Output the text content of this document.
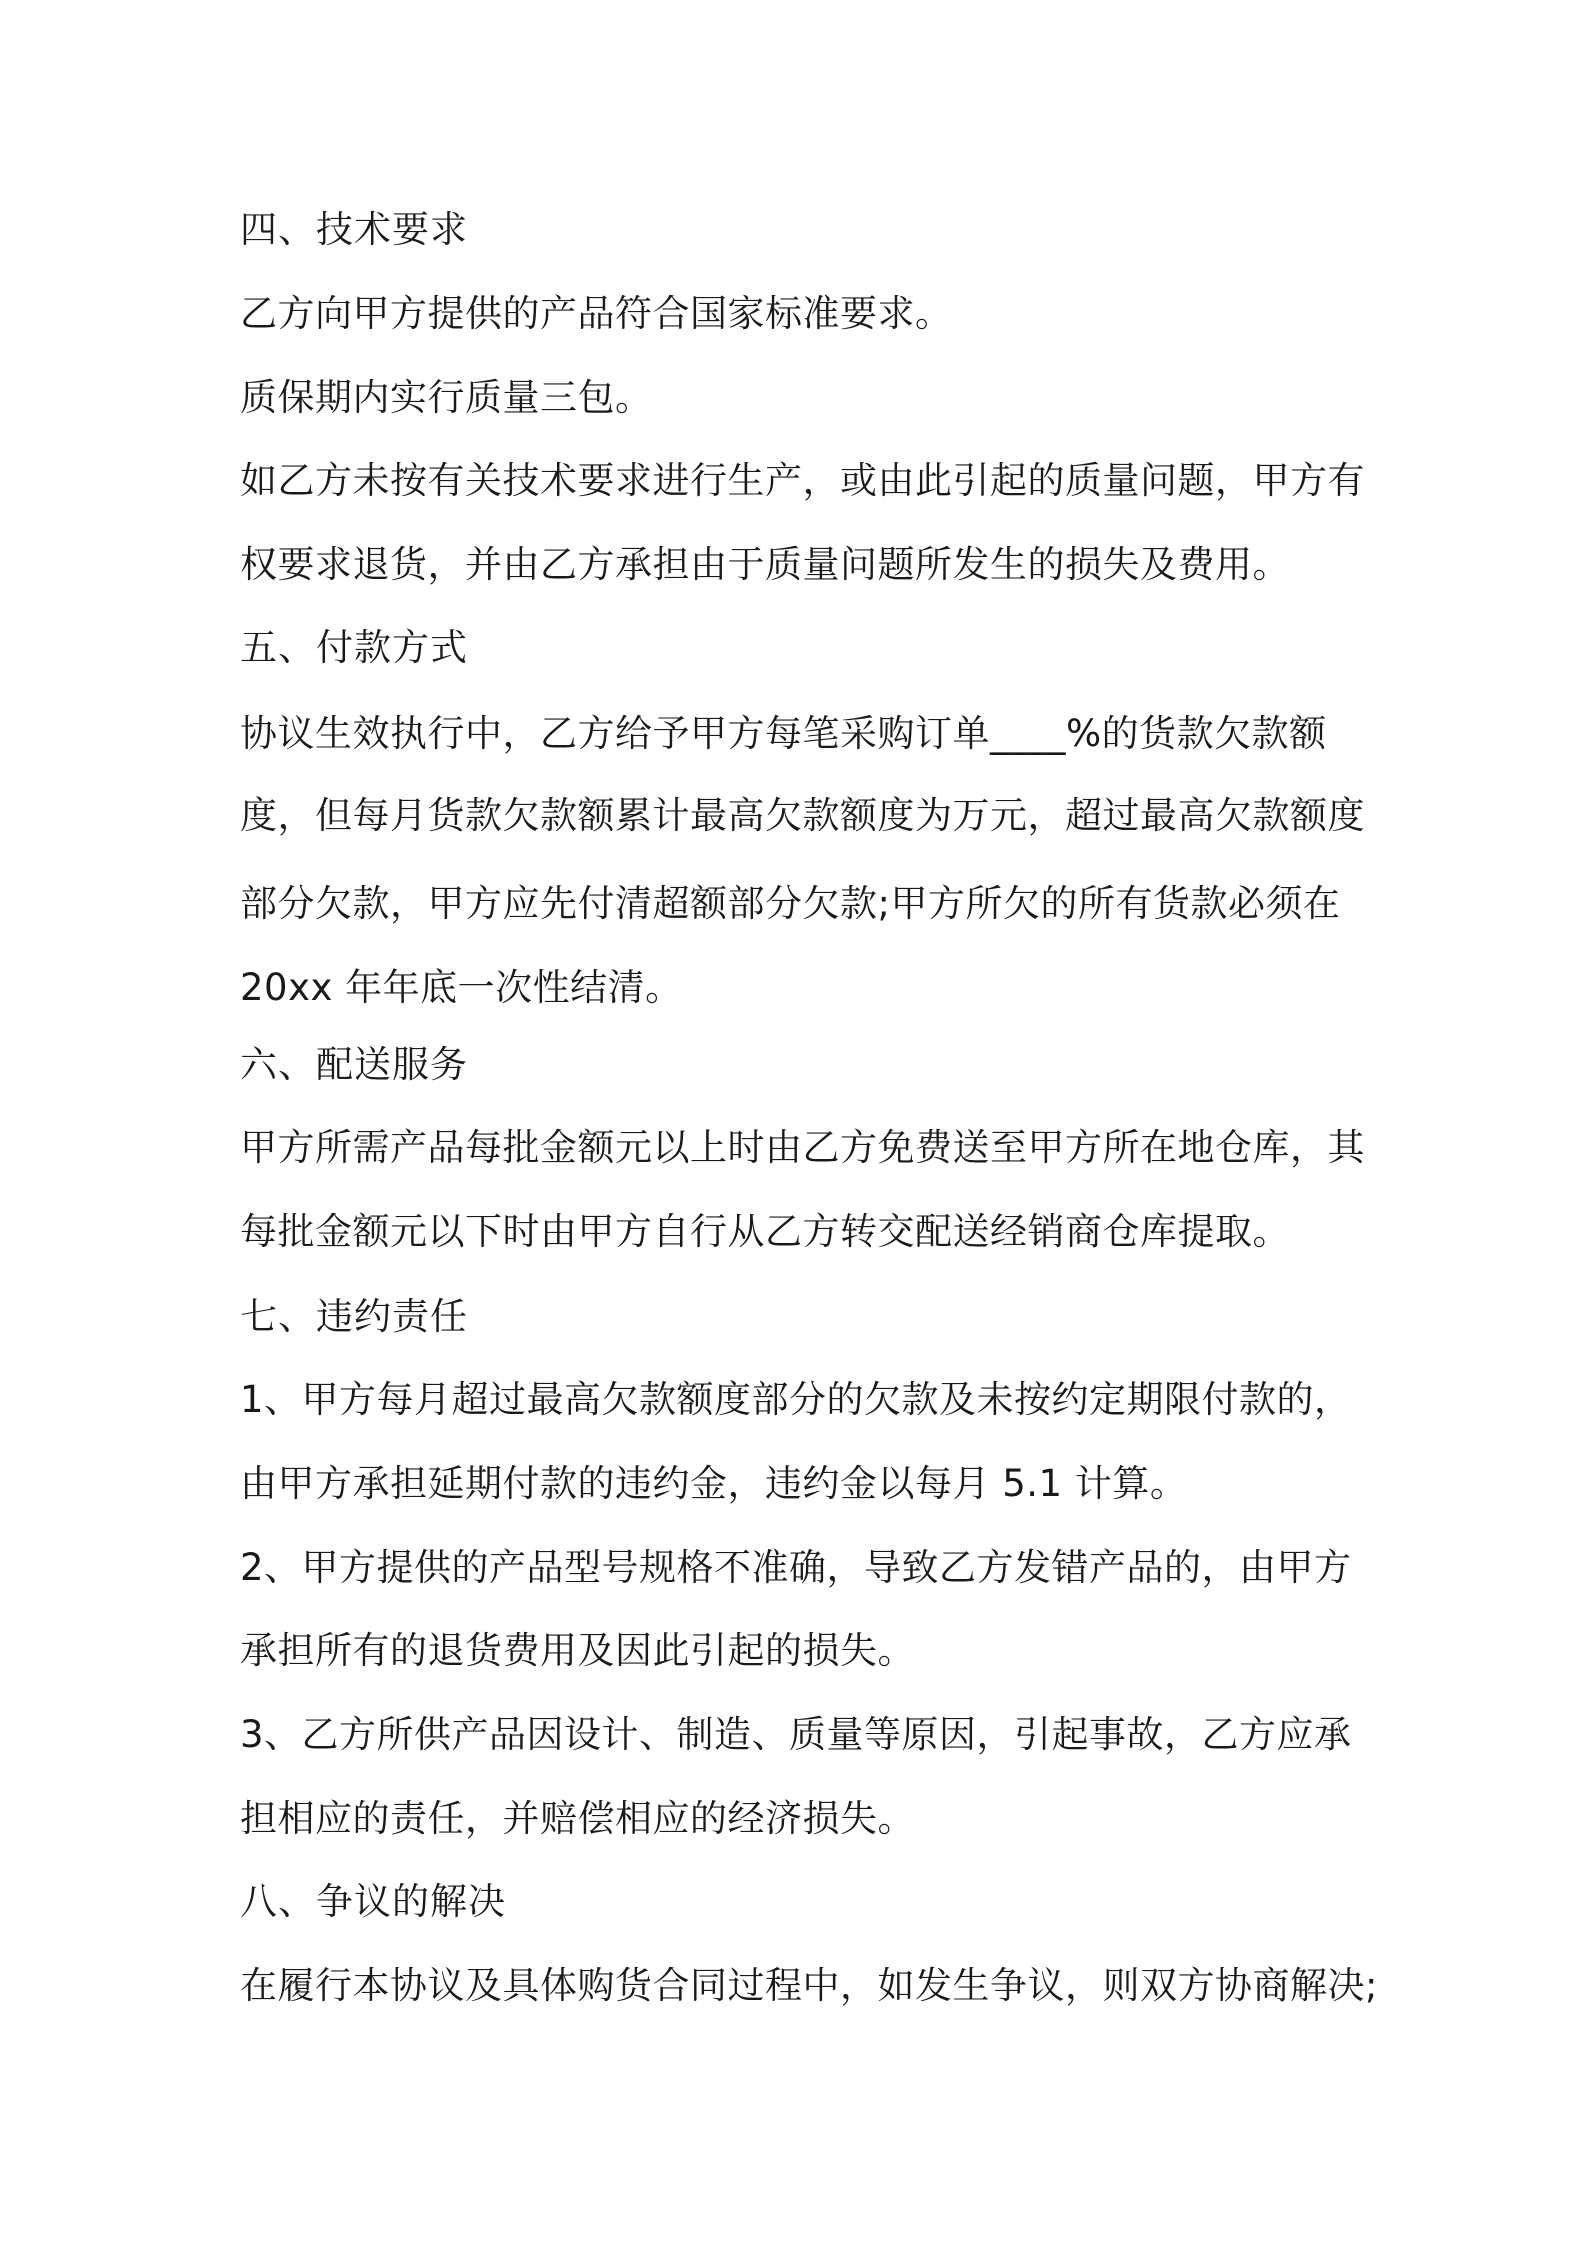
四、技术要求
乙方向甲方提供的产品符合国家标准要求。
质保期内实行质量三包。
如乙方未按有关技术要求进行生产，或由此引起的质量问题，甲方有
权要求退货，并由乙方承担由于质量问题所发生的损失及费用。
五、付款方式
协议生效执行中，乙方给予甲方每笔采购订单____%的货款欠款额
度，但每月货款欠款额累计最高欠款额度为万元，超过最高欠款额度
部分欠款，甲方应先付清超额部分欠款;甲方所欠的所有货款必须在
20xx 年年底一次性结清。
六、配送服务
甲方所需产品每批金额元以上时由乙方免费送至甲方所在地仓库，其
每批金额元以下时由甲方自行从乙方转交配送经销商仓库提取。
七、违约责任
1、甲方每月超过最高欠款额度部分的欠款及未按约定期限付款的，
由甲方承担延期付款的违约金，违约金以每月 5.1 计算。
2、甲方提供的产品型号规格不准确，导致乙方发错产品的，由甲方
承担所有的退货费用及因此引起的损失。
3、乙方所供产品因设计、制造、质量等原因，引起事故，乙方应承
担相应的责任，并赔偿相应的经济损失。
八、争议的解决
在履行本协议及具体购货合同过程中，如发生争议，则双方协商解决;
